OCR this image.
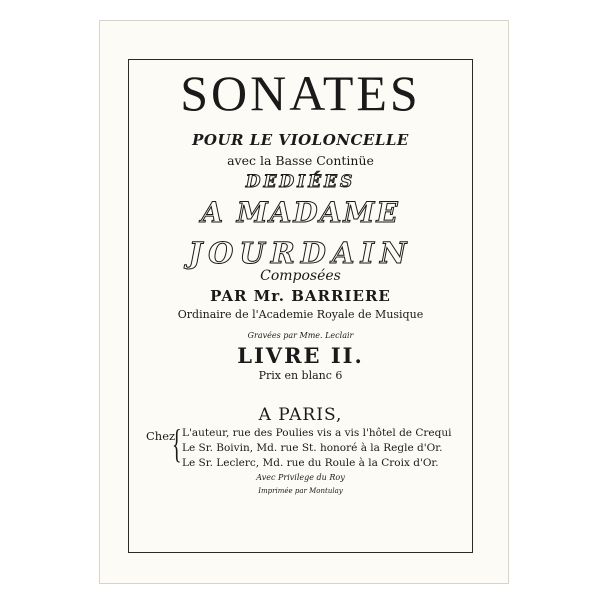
SONATES
POUR LE VIOLONCELLE
avec la Basse Continüe
DEDIÉES
A MADAME
JOURDAIN
Composées
PAR Mr. BARRIERE
Ordinaire de l'Academie Royale de Musique
Gravées par Mme. Leclair
LIVRE II.
Prix en blanc 6
A PARIS,
Chez
{ L'auteur, rue des Poulies vis a vis l'hôtel de Crequi
Le Sr. Boivin, Md. rue St. honoré à la Regle d'Or.
Le Sr. Leclerc, Md. rue du Roule à la Croix d'Or.
Avec Privilege du Roy
Imprimée par Montulay
